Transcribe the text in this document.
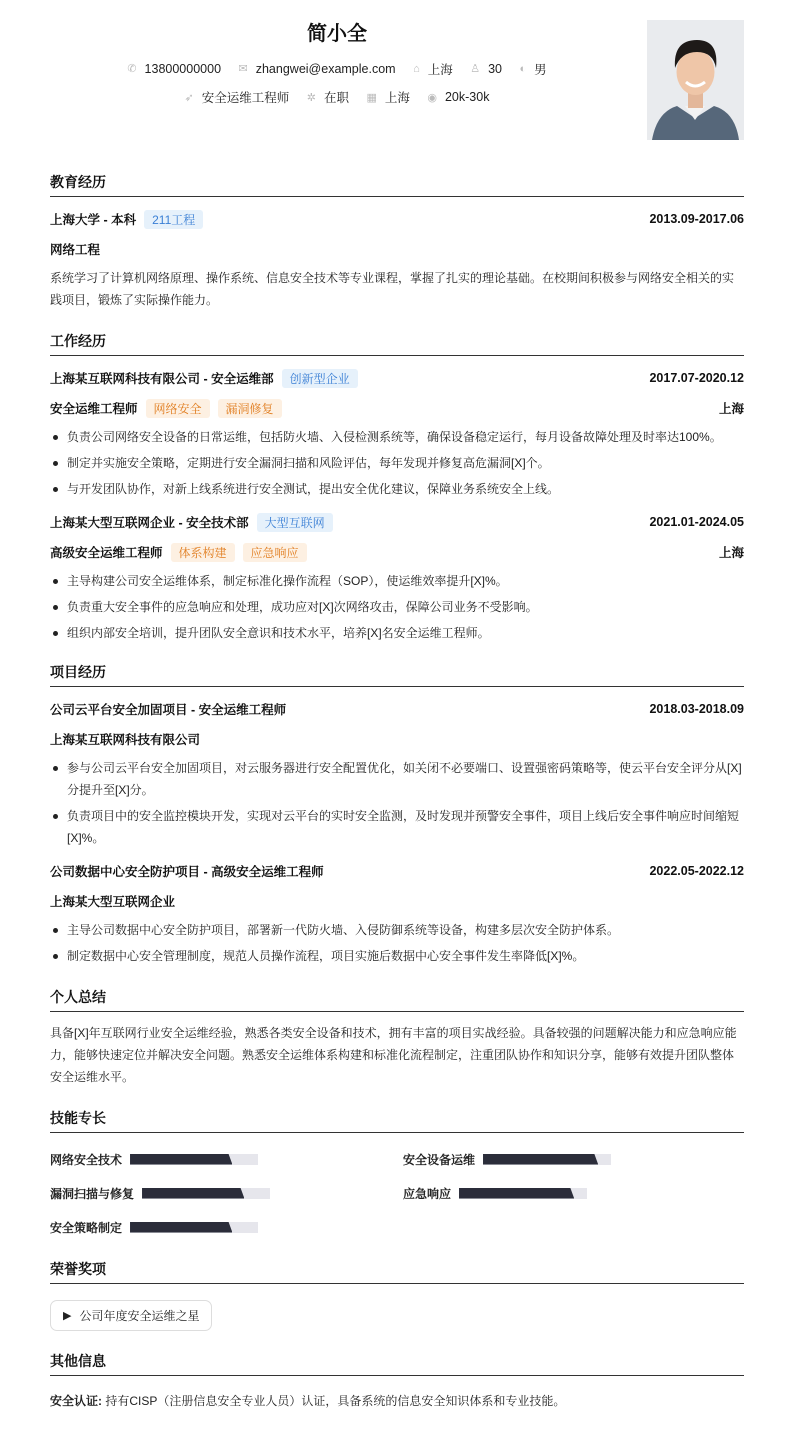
简小全
✆ 13800000000
✉ zhangwei@example.com
⌂ 上海
♙ 30
◐ 男
➶ 安全运维工程师
✲ 在职
▦ 上海
◉ 20k-30k
教育经历
上海大学 - 本科	211工程	2013.09-2017.06
网络工程
系统学习了计算机网络原理、操作系统、信息安全技术等专业课程，掌握了扎实的理论基础。在校期间积极参与网络安全相关的实践项目，锻炼了实际操作能力。
工作经历
上海某互联网科技有限公司 - 安全运维部	创新型企业	2017.07-2020.12
安全运维工程师	网络安全	漏洞修复	上海
负责公司网络安全设备的日常运维，包括防火墙、入侵检测系统等，确保设备稳定运行，每月设备故障处理及时率达100%。
制定并实施安全策略，定期进行安全漏洞扫描和风险评估，每年发现并修复高危漏洞[X]个。
与开发团队协作，对新上线系统进行安全测试，提出安全优化建议，保障业务系统安全上线。
上海某大型互联网企业 - 安全技术部	大型互联网	2021.01-2024.05
高级安全运维工程师	体系构建	应急响应	上海
主导构建公司安全运维体系，制定标准化操作流程（SOP），使运维效率提升[X]%。
负责重大安全事件的应急响应和处理，成功应对[X]次网络攻击，保障公司业务不受影响。
组织内部安全培训，提升团队安全意识和技术水平，培养[X]名安全运维工程师。
项目经历
公司云平台安全加固项目 - 安全运维工程师	2018.03-2018.09
上海某互联网科技有限公司
参与公司云平台安全加固项目，对云服务器进行安全配置优化，如关闭不必要端口、设置强密码策略等，使云平台安全评分从[X]分提升至[X]分。
负责项目中的安全监控模块开发，实现对云平台的实时安全监测，及时发现并预警安全事件，项目上线后安全事件响应时间缩短[X]%。
公司数据中心安全防护项目 - 高级安全运维工程师	2022.05-2022.12
上海某大型互联网企业
主导公司数据中心安全防护项目，部署新一代防火墙、入侵防御系统等设备，构建多层次安全防护体系。
制定数据中心安全管理制度，规范人员操作流程，项目实施后数据中心安全事件发生率降低[X]%。
个人总结
具备[X]年互联网行业安全运维经验，熟悉各类安全设备和技术，拥有丰富的项目实战经验。具备较强的问题解决能力和应急响应能力，能够快速定位并解决安全问题。熟悉安全运维体系构建和标准化流程制定，注重团队协作和知识分享，能够有效提升团队整体安全运维水平。
技能专长
网络安全技术	安全设备运维
漏洞扫描与修复	应急响应
安全策略制定
荣誉奖项
▶ 公司年度安全运维之星
其他信息
安全认证: 持有CISP（注册信息安全专业人员）认证，具备系统的信息安全知识体系和专业技能。
